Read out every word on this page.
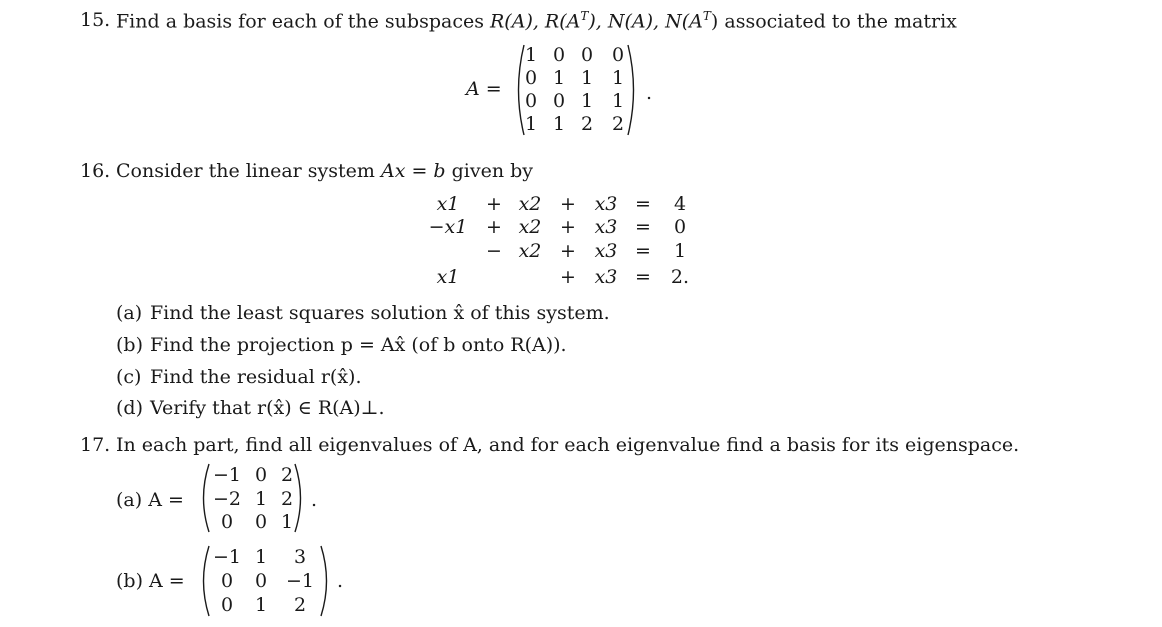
15. Find a basis for each of the subspaces R(A), $R(A^T)$, N(A), $N(A^T)$ associated to the matrix
A =
1 0 0 0
0 1 1 1
0 0 1 1
1 1 2 2
.
16. Consider the linear system Ax = b given by
x1	+ x2 + x3 =	4
−x1 + x2 + x3 =	0
− x2 + x3 =	1
x1	+ x3 =	2.
(a) Find the least squares solution x̂ of this system.
(b) Find the projection p = Ax̂ (of b onto R(A)).
(c) Find the residual r(x̂).
(d) Verify that r(x̂) ∈ R(A)⊥.
17. In each part, find all eigenvalues of A, and for each eigenvalue find a basis for its eigenspace.
(a) A =
−1 0 2
−2 1 2
0	0 1
.
(b) A =
−1 1	3
0	0 −1
0	1	2
.
